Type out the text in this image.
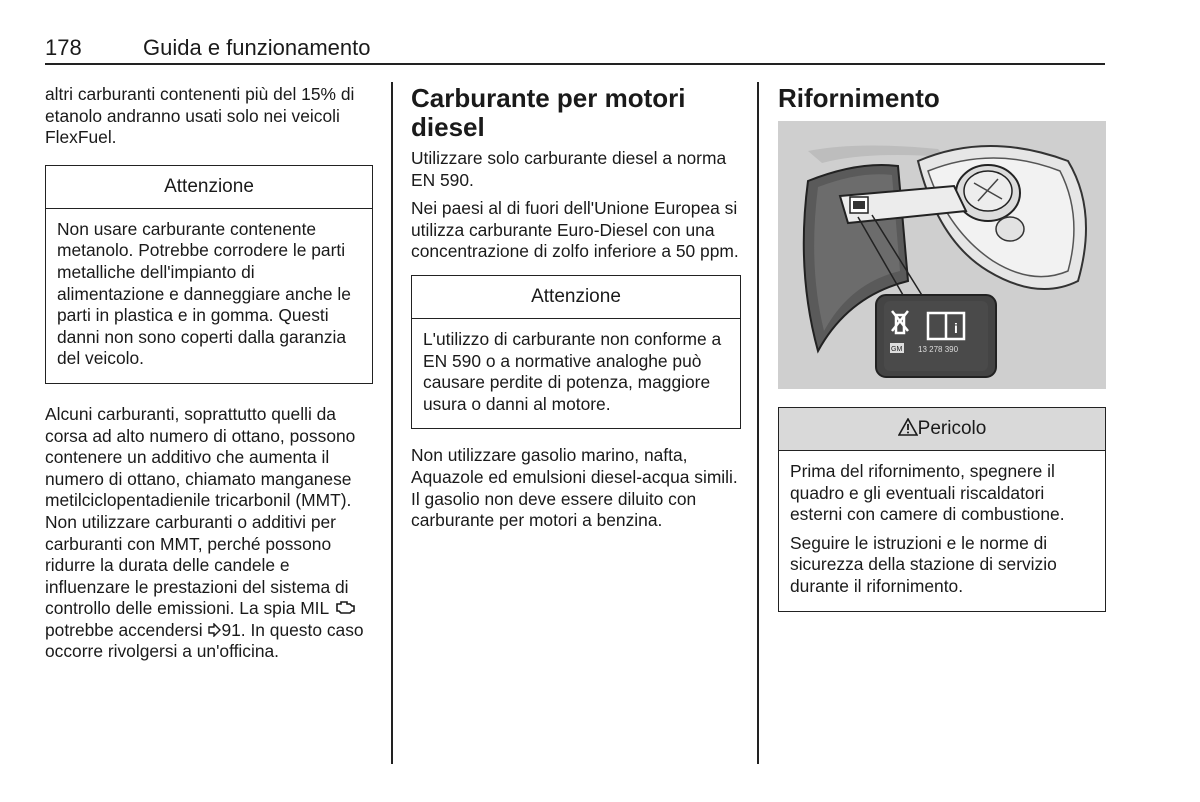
178	Guida e funzionamento

altri carburanti contenenti più del 15% di etanolo andranno usati solo nei veicoli FlexFuel.

Attenzione

Non usare carburante contenente metanolo. Potrebbe corrodere le parti metalliche dell'impianto di alimentazione e danneggiare anche le parti in plastica e in gomma. Questi danni non sono coperti dalla garanzia del veicolo.

Alcuni carburanti, soprattutto quelli da corsa ad alto numero di ottano, possono contenere un additivo che aumenta il numero di ottano, chiamato manganese metilciclopentadienile tricarbonil (MMT). Non utilizzare carburanti o additivi per carburanti con MMT, perché possono ridurre la durata delle candele e influenzare le prestazioni del sistema di controllo delle emissioni. La spia MIL  potrebbe accendersi 91. In questo caso occorre rivolgersi a un'officina.

Carburante per motori diesel

Utilizzare solo carburante diesel a norma EN 590.

Nei paesi al di fuori dell'Unione Europea si utilizza carburante Euro-Diesel con una concentrazione di zolfo inferiore a 50 ppm.

Attenzione

L'utilizzo di carburante non conforme a EN 590 o a normative analoghe può causare perdite di potenza, maggiore usura o danni al motore.

Non utilizzare gasolio marino, nafta, Aquazole ed emulsioni diesel-acqua simili. Il gasolio non deve essere diluito con carburante per motori a benzina.

Rifornimento
i
GM 13 278 390
Pericolo

Prima del rifornimento, spegnere il quadro e gli eventuali riscaldatori esterni con camere di combustione.

Seguire le istruzioni e le norme di sicurezza della stazione di servizio durante il rifornimento.
